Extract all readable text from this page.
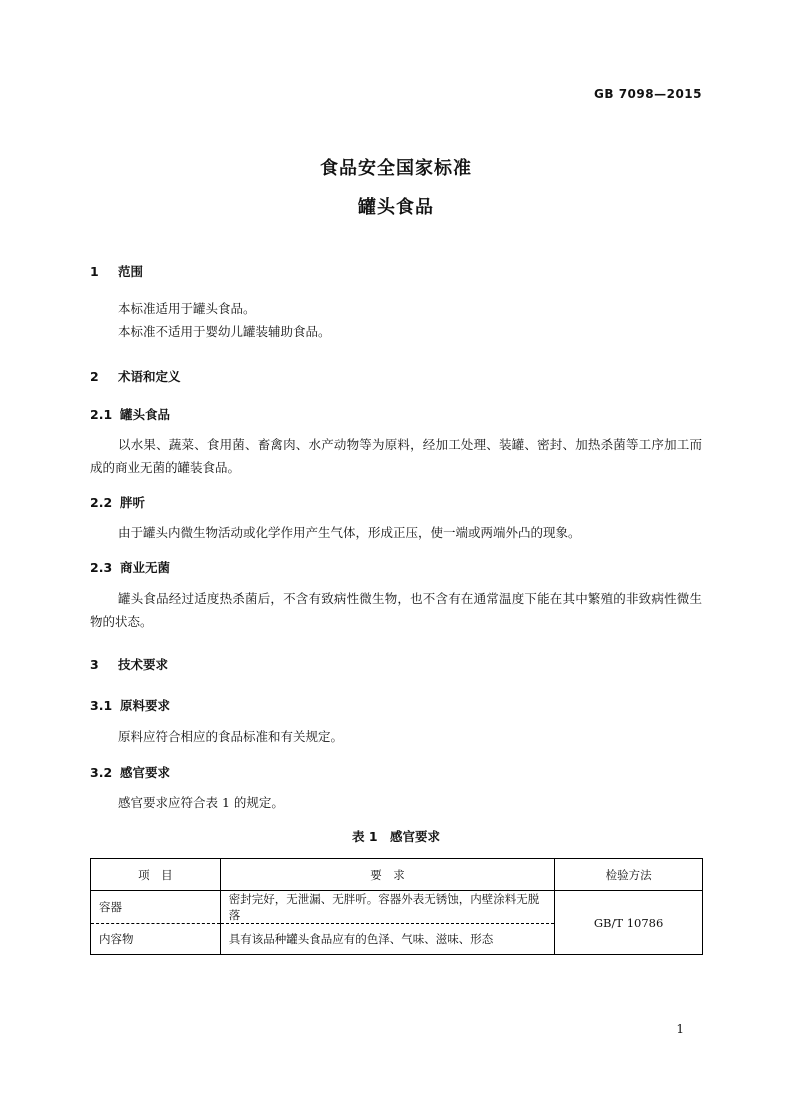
GB 7098—2015
食品安全国家标准
罐头食品
1 范围
本标准适用于罐头食品。
本标准不适用于婴幼儿罐装辅助食品。
2 术语和定义
2.1 罐头食品
以水果、蔬菜、食用菌、畜禽肉、水产动物等为原料，经加工处理、装罐、密封、加热杀菌等工序加工而成的商业无菌的罐装食品。
2.2 胖听
由于罐头内微生物活动或化学作用产生气体，形成正压，使一端或两端外凸的现象。
2.3 商业无菌
罐头食品经过适度热杀菌后，不含有致病性微生物，也不含有在通常温度下能在其中繁殖的非致病性微生物的状态。
3 技术要求
3.1 原料要求
原料应符合相应的食品标准和有关规定。
3.2 感官要求
感官要求应符合表 1 的规定。
表 1　感官要求
项　目	要　求	检验方法
容器	密封完好，无泄漏、无胖听。容器外表无锈蚀，内壁涂料无脱落	GB/T 10786
内容物	具有该品种罐头食品应有的色泽、气味、滋味、形态	
1
